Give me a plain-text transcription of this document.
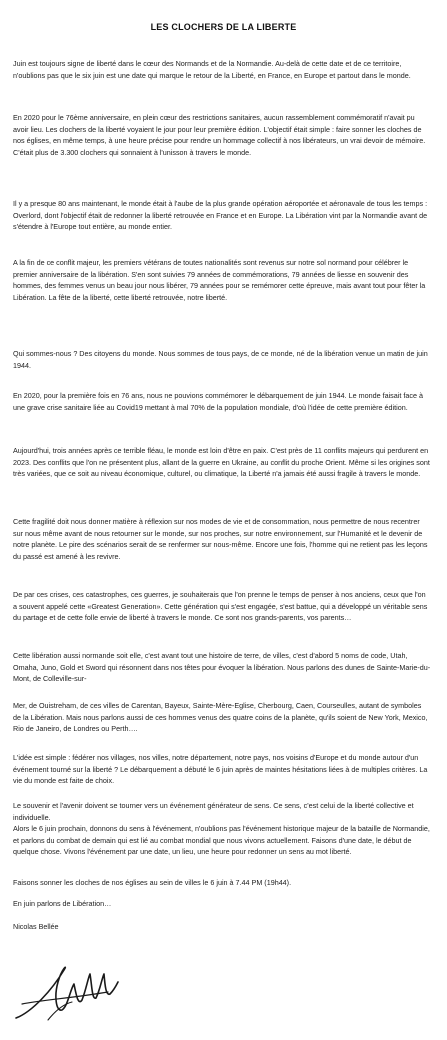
LES CLOCHERS DE LA LIBERTE

Juin est toujours signe de liberté dans le cœur des Normands et de la Normandie. Au-delà de cette date et de ce territoire, n'oublions pas que le six juin est une date qui marque le retour de la Liberté, en France, en Europe et partout dans le monde.

En 2020 pour le 76ème anniversaire, en plein cœur des restrictions sanitaires, aucun rassemblement commémoratif n'avait pu avoir lieu. Les clochers de la liberté voyaient le jour pour leur première édition. L'objectif était simple : faire sonner les cloches de nos églises, en même temps, à une heure précise pour rendre un hommage collectif à nos libérateurs, un vrai devoir de mémoire. C'était plus de 3.300 clochers qui sonnaient à l'unisson à travers le monde.

Il y a presque 80 ans maintenant, le monde était à l'aube de la plus grande opération aéroportée et aéronavale de tous les temps : Overlord, dont l'objectif était de redonner la liberté retrouvée en France et en Europe. La Libération vint par la Normandie avant de s'étendre à l'Europe tout entière, au monde entier.

A la fin de ce conflit majeur, les premiers vétérans de toutes nationalités sont revenus sur notre sol normand pour célébrer le premier anniversaire de la libération. S'en sont suivies 79 années de commémorations, 79 années de liesse en souvenir des hommes, des femmes venus un beau jour nous libérer, 79 années pour se remémorer cette épreuve, mais avant tout pour fêter la Libération. La fête de la liberté, cette liberté retrouvée, notre liberté.

Qui sommes-nous ? Des citoyens du monde. Nous sommes de tous pays, de ce monde, né de la libération venue un matin de juin 1944.

En 2020, pour la première fois en 76 ans, nous ne pouvions commémorer le débarquement de juin 1944. Le monde faisait face à une grave crise sanitaire liée au Covid19 mettant à mal 70% de la population mondiale, d'où l'idée de cette première édition.

Aujourd'hui, trois années après ce terrible fléau, le monde est loin d'être en paix. C'est près de 11 conflits majeurs qui perdurent en 2023. Des conflits que l'on ne présentent plus, allant de la guerre en Ukraine, au conflit du proche Orient. Même si les origines sont très variées, que ce soit au niveau économique, culturel, ou climatique, la Liberté n'a jamais été aussi fragile à travers le monde.

Cette fragilité doit nous donner matière à réflexion sur nos modes de vie et de consommation, nous permettre de nous recentrer sur nous même avant de nous retourner sur le monde, sur nos proches, sur notre environnement, sur l'Humanité et le devenir de notre planète. Le pire des scénarios serait de se renfermer sur nous-même. Encore une fois, l'homme qui ne retient pas les leçons du passé est amené à les revivre.

De par ces crises, ces catastrophes, ces guerres, je souhaiterais que l'on prenne le temps de penser à nos anciens, ceux que l'on a souvent appelé cette «Greatest Generation». Cette génération qui s'est engagée, s'est battue, qui a développé un véritable sens du partage et de cette folle envie de liberté à travers le monde. Ce sont nos grands-parents, vos parents…

Cette libération aussi normande soit elle, c'est avant tout une histoire de terre, de villes, c'est d'abord 5 noms de code, Utah, Omaha, Juno, Gold et Sword qui résonnent dans nos têtes pour évoquer la libération. Nous parlons des dunes de Sainte-Marie-du-Mont, de Colleville-sur-

Mer, de Ouistreham, de ces villes de Carentan, Bayeux, Sainte-Mère-Eglise, Cherbourg, Caen, Courseulles, autant de symboles de la Libération. Mais nous parlons aussi de ces hommes venus des quatre coins de la planète, qu'ils soient de New York, Mexico, Rio de Janeiro, de Londres ou Perth….

L'idée est simple : fédérer nos villages, nos villes, notre département, notre pays, nos voisins d'Europe et du monde autour d'un événement tourné sur la liberté ? Le débarquement a débuté le 6 juin après de maintes hésitations liées à de multiples critères. La vie du monde est faite de choix.

Le souvenir et l'avenir doivent se tourner vers un événement générateur de sens. Ce sens, c'est celui de la liberté collective et individuelle.

Alors le 6 juin prochain, donnons du sens à l'événement, n'oublions pas l'événement historique majeur de la bataille de Normandie, et parlons du combat de demain qui est lié au combat mondial que nous vivons actuellement. Faisons d'une date, le début de quelque chose. Vivons l'événement par une date, un lieu, une heure pour redonner un sens au mot liberté.

Faisons sonner les cloches de nos églises au sein de villes le 6 juin à 7.44 PM (19h44).

En juin parlons de Libération…

Nicolas Bellée
